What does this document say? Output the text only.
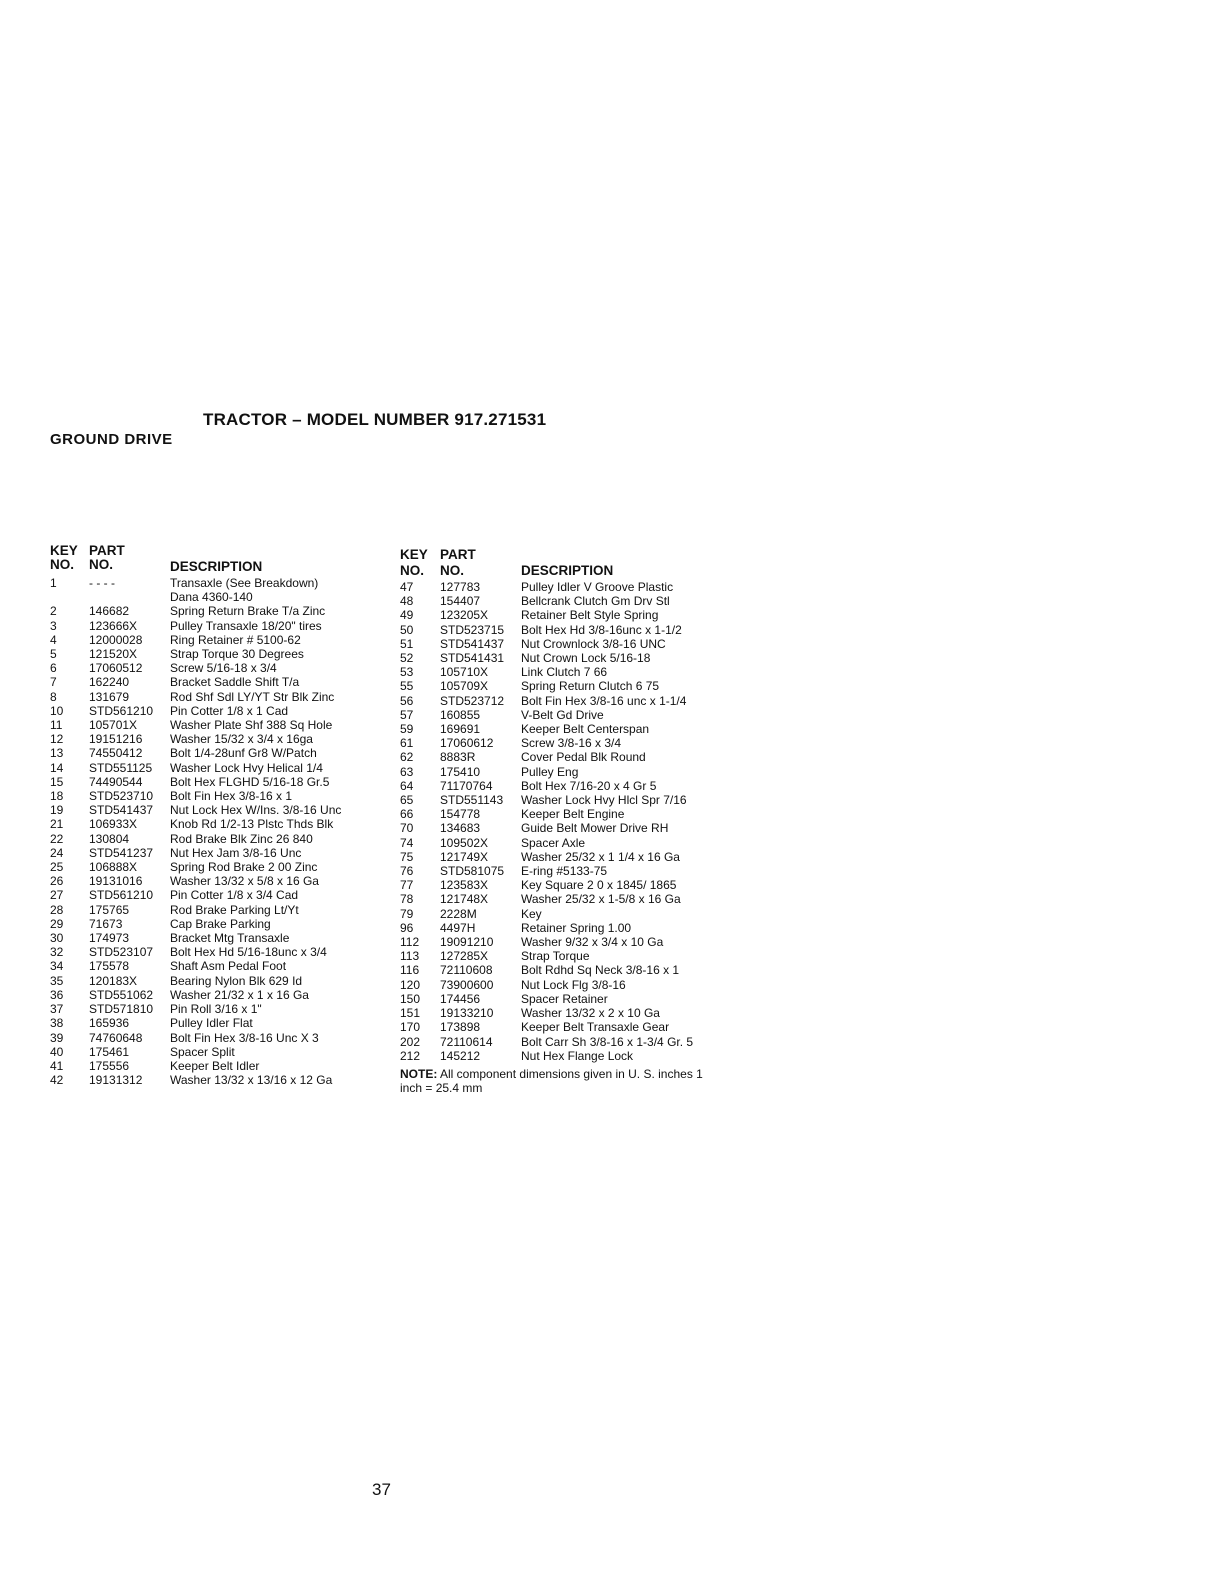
TRACTOR – MODEL NUMBER 917.271531
GROUND DRIVE
KEY
NO.
PART
NO.	DESCRIPTION
1	- - - -	Transaxle (See Breakdown)
Dana 4360-140
2	146682	Spring Return Brake T/a Zinc
3	123666X	Pulley Transaxle 18/20" tires
4	12000028	Ring Retainer # 5100-62
5	121520X	Strap Torque 30 Degrees
6	17060512	Screw 5/16-18 x 3/4
7	162240	Bracket Saddle Shift T/a
8	131679	Rod Shf Sdl LY/YT Str Blk Zinc
10	STD561210	Pin Cotter 1/8 x 1 Cad
11	105701X	Washer Plate Shf 388 Sq Hole
12	19151216	Washer 15/32 x 3/4 x 16ga
13	74550412	Bolt 1/4-28unf Gr8 W/Patch
14	STD551125	Washer Lock Hvy Helical 1/4
15	74490544	Bolt Hex FLGHD 5/16-18 Gr.5
18	STD523710	Bolt Fin Hex 3/8-16 x 1
19	STD541437	Nut Lock Hex W/Ins. 3/8-16 Unc
21	106933X	Knob Rd 1/2-13 Plstc Thds Blk
22	130804	Rod Brake Blk Zinc 26 840
24	STD541237	Nut Hex Jam 3/8-16 Unc
25	106888X	Spring Rod Brake 2 00 Zinc
26	19131016	Washer 13/32 x 5/8 x 16 Ga
27	STD561210	Pin Cotter 1/8 x 3/4 Cad
28	175765	Rod Brake Parking Lt/Yt
29	71673	Cap Brake Parking
30	174973	Bracket Mtg Transaxle
32	STD523107	Bolt Hex Hd 5/16-18unc x 3/4
34	175578	Shaft Asm Pedal Foot
35	120183X	Bearing Nylon Blk 629 Id
36	STD551062	Washer 21/32 x 1 x 16 Ga
37	STD571810	Pin Roll 3/16 x 1"
38	165936	Pulley Idler Flat
39	74760648	Bolt Fin Hex 3/8-16 Unc X 3
40	175461	Spacer Split
41	175556	Keeper Belt Idler
42	19131312	Washer 13/32 x 13/16 x 12 Ga
KEY
NO.
PART
NO.	DESCRIPTION
47	127783	Pulley Idler V Groove Plastic
48	154407	Bellcrank Clutch Gm Drv Stl
49	123205X	Retainer Belt Style Spring
50	STD523715	Bolt Hex Hd 3/8-16unc x 1-1/2
51	STD541437	Nut Crownlock 3/8-16 UNC
52	STD541431	Nut Crown Lock 5/16-18
53	105710X	Link Clutch 7 66
55	105709X	Spring Return Clutch 6 75
56	STD523712	Bolt Fin Hex 3/8-16 unc x 1-1/4
57	160855	V-Belt Gd Drive
59	169691	Keeper Belt Centerspan
61	17060612	Screw 3/8-16 x 3/4
62	8883R	Cover Pedal Blk Round
63	175410	Pulley Eng
64	71170764	Bolt Hex 7/16-20 x 4 Gr 5
65	STD551143	Washer Lock Hvy Hlcl Spr 7/16
66	154778	Keeper Belt Engine
70	134683	Guide Belt Mower Drive RH
74	109502X	Spacer Axle
75	121749X	Washer 25/32 x 1 1/4 x 16 Ga
76	STD581075	E-ring #5133-75
77	123583X	Key Square 2 0 x 1845/ 1865
78	121748X	Washer 25/32 x 1-5/8 x 16 Ga
79	2228M	Key
96	4497H	Retainer Spring 1.00
112	19091210	Washer 9/32 x 3/4 x 10 Ga
113	127285X	Strap Torque
116	72110608	Bolt Rdhd Sq Neck 3/8-16 x 1
120	73900600	Nut Lock Flg 3/8-16
150	174456	Spacer Retainer
151	19133210	Washer 13/32 x 2 x 10 Ga
170	173898	Keeper Belt Transaxle Gear
202	72110614	Bolt Carr Sh 3/8-16 x 1-3/4 Gr. 5
212	145212	Nut Hex Flange Lock
NOTE: All component dimensions given in U. S. inches 1 inch = 25.4 mm
37
